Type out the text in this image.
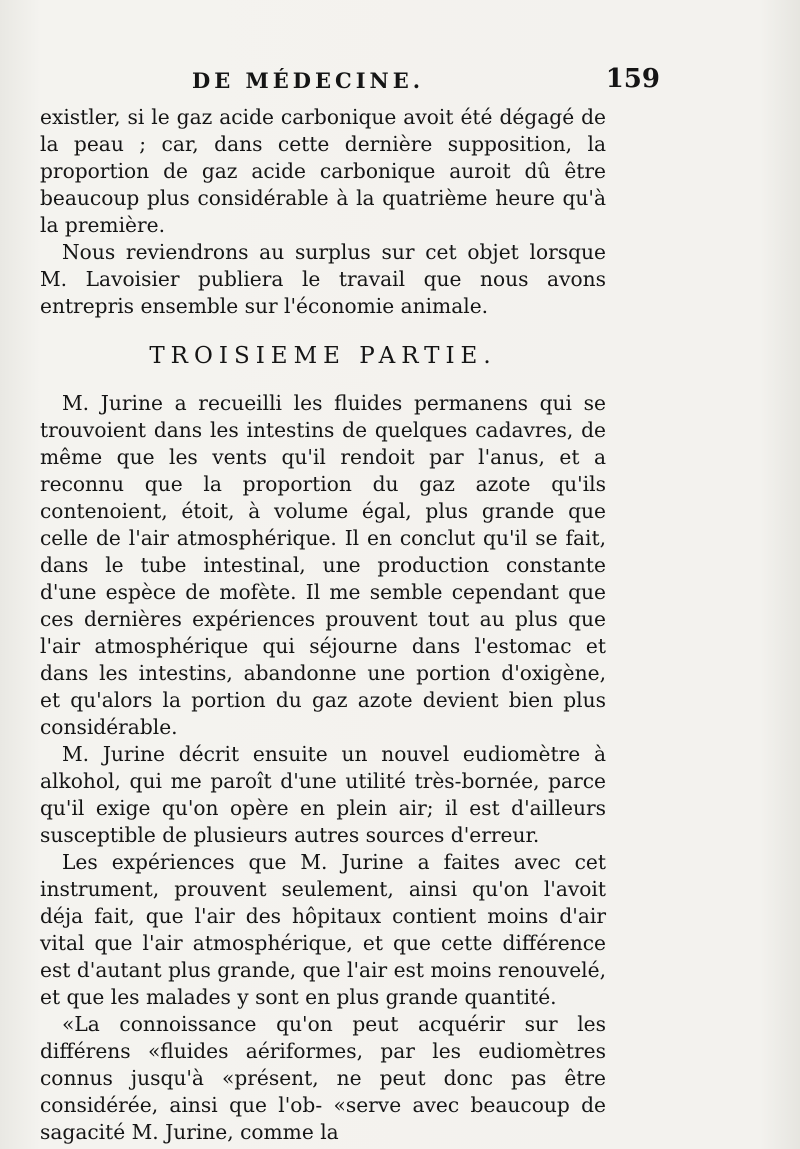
DE MÉDECINE.	159

existler, si le gaz acide carbonique avoit été dégagé de la peau ; car, dans cette dernière supposition, la proportion de gaz acide carbonique auroit dû être beaucoup plus considérable à la quatrième heure qu'à la première.

Nous reviendrons au surplus sur cet objet lorsque M. Lavoisier publiera le travail que nous avons entrepris ensemble sur l'économie animale.

TROISIEME PARTIE.

M. Jurine a recueilli les fluides permanens qui se trouvoient dans les intestins de quelques cadavres, de même que les vents qu'il rendoit par l'anus, et a reconnu que la proportion du gaz azote qu'ils contenoient, étoit, à volume égal, plus grande que celle de l'air atmosphérique. Il en conclut qu'il se fait, dans le tube intestinal, une production constante d'une espèce de mofète. Il me semble cependant que ces dernières expériences prouvent tout au plus que l'air atmosphérique qui séjourne dans l'estomac et dans les intestins, abandonne une portion d'oxigène, et qu'alors la portion du gaz azote devient bien plus considérable.

M. Jurine décrit ensuite un nouvel eudiomètre à alkohol, qui me paroît d'une utilité très-bornée, parce qu'il exige qu'on opère en plein air; il est d'ailleurs susceptible de plusieurs autres sources d'erreur.

Les expériences que M. Jurine a faites avec cet instrument, prouvent seulement, ainsi qu'on l'avoit déja fait, que l'air des hôpitaux contient moins d'air vital que l'air atmosphérique, et que cette différence est d'autant plus grande, que l'air est moins renouvelé, et que les malades y sont en plus grande quantité.

«La connoissance qu'on peut acquérir sur les différens «fluides aériformes, par les eudiomètres connus jusqu'à «présent, ne peut donc pas être considérée, ainsi que l'ob- «serve avec beaucoup de sagacité M. Jurine, comme la
